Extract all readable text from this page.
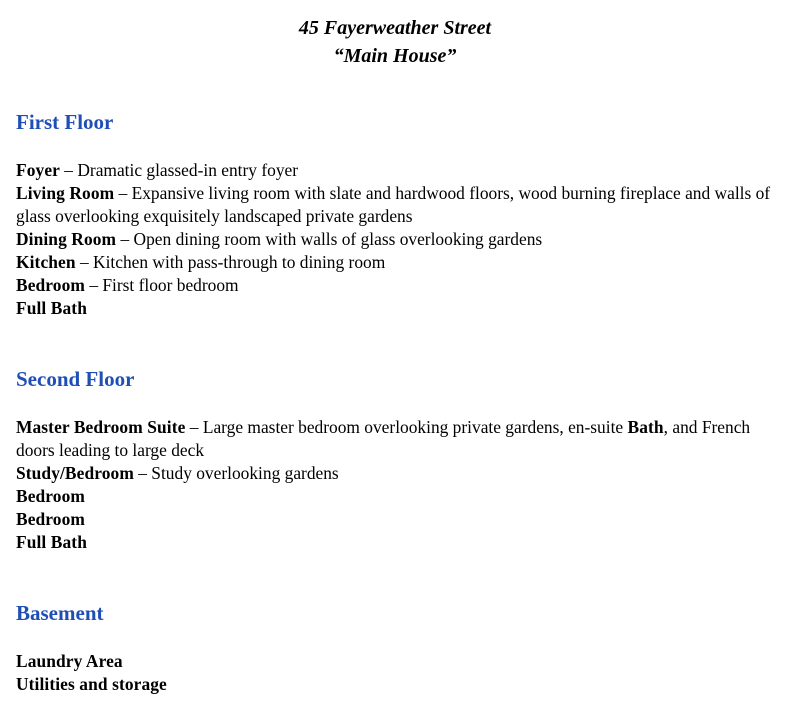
45 Fayerweather Street
“Main House”
First Floor
Foyer – Dramatic glassed-in entry foyer
Living Room – Expansive living room with slate and hardwood floors, wood burning fireplace and walls of glass overlooking exquisitely landscaped private gardens
Dining Room – Open dining room with walls of glass overlooking gardens
Kitchen – Kitchen with pass-through to dining room
Bedroom – First floor bedroom
Full Bath
Second Floor
Master Bedroom Suite – Large master bedroom overlooking private gardens, en-suite Bath, and French doors leading to large deck
Study/Bedroom – Study overlooking gardens
Bedroom
Bedroom
Full Bath
Basement
Laundry Area
Utilities and storage
